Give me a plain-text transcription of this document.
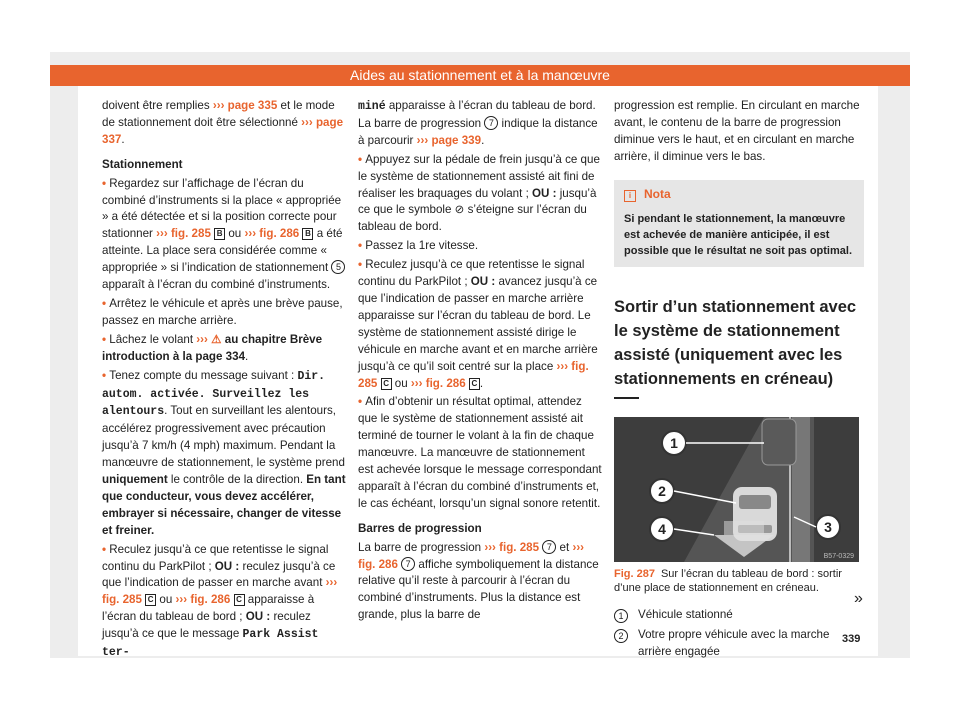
Aides au stationnement et à la manœuvre

doivent être remplies ››› page 335 et le mode de stationnement doit être sélectionné ››› page 337.

Stationnement

• Regardez sur l’affichage de l’écran du combiné d’instruments si la place « appropriée » a été détectée et si la position correcte pour stationner ››› fig. 285 B ou ››› fig. 286 B a été atteinte. La place sera considérée comme « appropriée » si l’indication de stationnement 5 apparaît à l’écran du combiné d’instruments.

• Arrêtez le véhicule et après une brève pause, passez en marche arrière.

• Lâchez le volant ››› ⚠ au chapitre Brève introduction à la page 334.

• Tenez compte du message suivant : Dir. autom. activée. Surveillez les alentours. Tout en surveillant les alentours, accélérez progressivement avec précaution jusqu’à 7 km/h (4 mph) maximum. Pendant la manœuvre de stationnement, le système prend uniquement le contrôle de la direction. En tant que conducteur, vous devez accélérer, embrayer si nécessaire, changer de vitesse et freiner.

• Reculez jusqu’à ce que retentisse le signal continu du ParkPilot ; OU : reculez jusqu’à ce que l’indication de passer en marche avant ››› fig. 285 C ou ››› fig. 286 C apparaisse à l’écran du tableau de bord ; OU : reculez jusqu’à ce que le message Park Assist ter-

miné apparaisse à l’écran du tableau de bord. La barre de progression 7 indique la distance à parcourir ››› page 339.

• Appuyez sur la pédale de frein jusqu’à ce que le système de stationnement assisté ait fini de réaliser les braquages du volant ; OU : jusqu’à ce que le symbole ⊘ s’éteigne sur l’écran du tableau de bord.

• Passez la 1re vitesse.

• Reculez jusqu’à ce que retentisse le signal continu du ParkPilot ; OU : avancez jusqu’à ce que l’indication de passer en marche arrière apparaisse sur l’écran du tableau de bord. Le système de stationnement assisté dirige le véhicule en marche avant et en marche arrière jusqu’à ce qu’il soit centré sur la place ››› fig. 285 C ou ››› fig. 286 C .

• Afin d’obtenir un résultat optimal, attendez que le système de stationnement assisté ait terminé de tourner le volant à la fin de chaque manœuvre. La manœuvre de stationnement est achevée lorsque le message correspondant apparaît à l’écran du combiné d’instruments et, le cas échéant, lorsqu’un signal sonore retentit.

Barres de progression

La barre de progression ››› fig. 285 7 et ››› fig. 286 7 affiche symboliquement la distance relative qu’il reste à parcourir à l’écran du combiné d’instruments. Plus la distance est grande, plus la barre de

progression est remplie. En circulant en marche avant, le contenu de la barre de progression diminue vers le haut, et en circulant en marche arrière, il diminue vers le bas.

i Nota
Si pendant le stationnement, la manœuvre est achevée de manière anticipée, il est possible que le résultat ne soit pas optimal.
Sortir d’un stationnement avec le système de stationnement assisté (uniquement avec les stationnements en créneau)
1
2
4	3
B57-0329
Fig. 287 Sur l’écran du tableau de bord : sortir d’une place de stationnement en créneau.
1	Véhicule stationné
2	Votre propre véhicule avec la marche arrière engagée
»
339
